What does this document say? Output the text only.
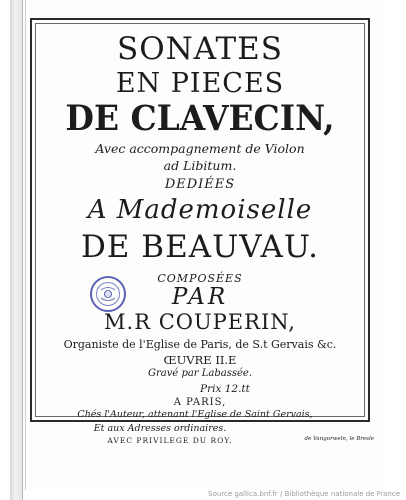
SONATES
EN PIECES
DE CLAVECIN,
Avec accompagnement de Violon
ad Libitum.
DEDIÉES
A Mademoiselle
DE BEAUVAU.
COMPOSÉES
PAR
M.R COUPERIN,
Organiste de l'Eglise de Paris, de S.t Gervais &c.
ŒUVRE II.E
Gravé par Labassée.
Prix 12.tt
A PARIS,
Chés l'Auteur, attenant l'Eglise de Saint Gervais,
Et aux Adresses ordinaires.
AVEC PRIVILEGE DU ROY.	de Vangorweln, le Bresle
Source gallica.bnf.fr / Bibliothèque nationale de France
